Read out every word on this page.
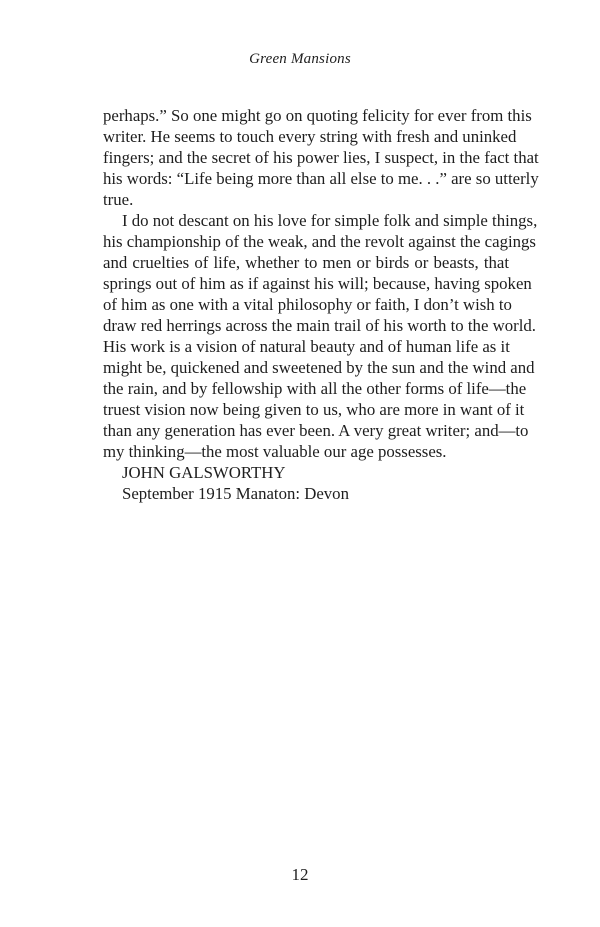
Green Mansions
perhaps.” So one might go on quoting felicity for ever from this
writer. He seems to touch every string with fresh and uninked
fingers; and the secret of his power lies, I suspect, in the fact that
his words: “Life being more than all else to me. . .” are so utterly
true.
I do not descant on his love for simple folk and simple things,
his championship of the weak, and the revolt against the cagings
and cruelties of life, whether to men or birds or beasts, that
springs out of him as if against his will; because, having spoken
of him as one with a vital philosophy or faith, I don’t wish to
draw red herrings across the main trail of his worth to the world.
His work is a vision of natural beauty and of human life as it
might be, quickened and sweetened by the sun and the wind and
the rain, and by fellowship with all the other forms of life—the
truest vision now being given to us, who are more in want of it
than any generation has ever been. A very great writer; and—to
my thinking—the most valuable our age possesses.
JOHN GALSWORTHY
September 1915 Manaton: Devon
12
